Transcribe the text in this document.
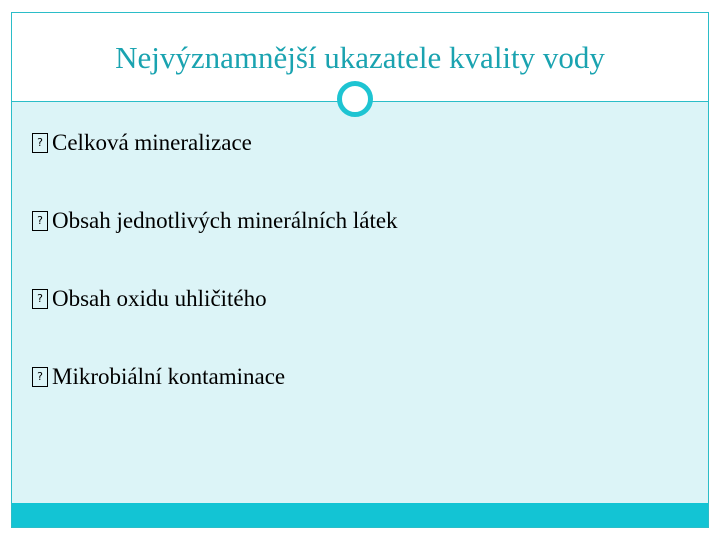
Nejvýznamnější ukazatele kvality vody
? Celková mineralizace
? Obsah jednotlivých minerálních látek
? Obsah oxidu uhličitého
? Mikrobiální kontaminace
